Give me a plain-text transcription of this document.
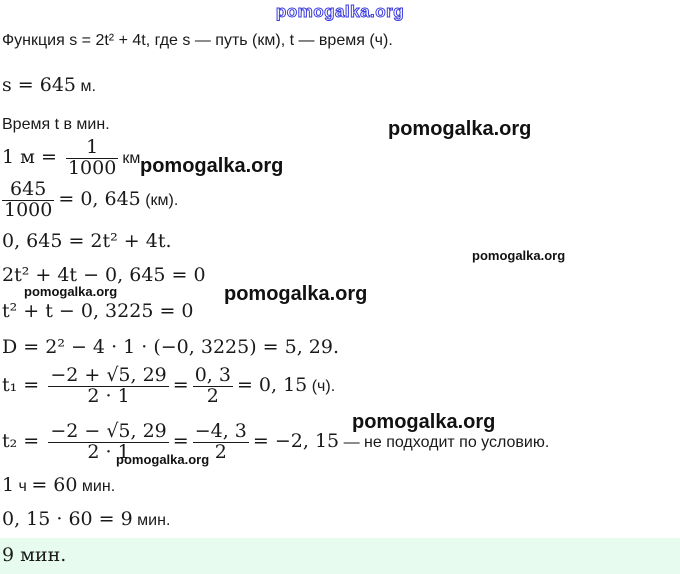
pomogalka.org
Функция s = 2t² + 4t, где s — путь (км), t — время (ч).
s = 645 м.
Время t в мин.
1 $м = \frac{1}{1000}$ км.
$\frac{645}{1000} = 0$, 645 (км).
0, 645 = 2t² + 4t.
2t² + 4t − 0, 645 = 0
t² + t − 0, 3225 = 0
D = 2² − 4 · 1 · (−0, 3225) = 5, 29.
$t_1 = \frac{-2 + √5, 29}{2 \cdot 1} = \frac{0, 3}{2} = 0$, 15 (ч).
$t_2 = \frac{-2 - √5, 29}{2 \cdot 1} = \frac{-4, 3}{2} = -2$, 15 — не подходит по условию.
1 ч = 60 мин.
0, 15 · 60 = 9 мин.
9 мин.
pomogalka.org
pomogalka.org
pomogalka.org
pomogalka.org	pomogalka.org
pomogalka.org
pomogalka.org
